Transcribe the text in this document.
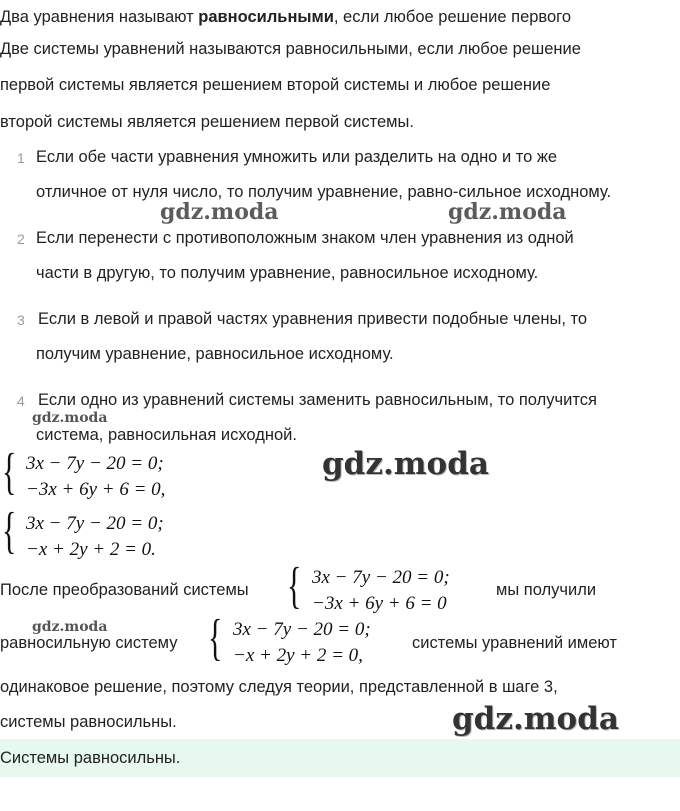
Два уравнения называют равносильными, если любое решение первого
Две системы уравнений называются равносильными, если любое решение
первой системы является решением второй системы и любое решение
второй системы является решением первой системы.
1 Если обе части уравнения умножить или разделить на одно и то же
отличное от нуля число, то получим уравнение, равно-сильное исходному.
2 Если перенести с противоположным знаком член уравнения из одной
части в другую, то получим уравнение, равносильное исходному.
3 Если в левой и правой частях уравнения привести подобные члены, то
получим уравнение, равносильное исходному.
4 Если одно из уравнений системы заменить равносильным, то получится
система, равносильная исходной.
{ 3x − 7y − 20 = 0;
−3x + 6y + 6 = 0,
{ 3x − 7y − 20 = 0;
−x + 2y + 2 = 0.
После преобразований системы { 3x − 7y − 20 = 0;
−3x + 6y + 6 = 0
мы получили
равносильную систему { 3x − 7y − 20 = 0;
−x + 2y + 2 = 0,
системы уравнений имеют
одинаковое решение, поэтому следуя теории, представленной в шаге 3,
системы равносильны.
Системы равносильны.
gdz.moda	gdz.moda
gdz.moda
gdz.moda
gdz.moda
gdz.moda
